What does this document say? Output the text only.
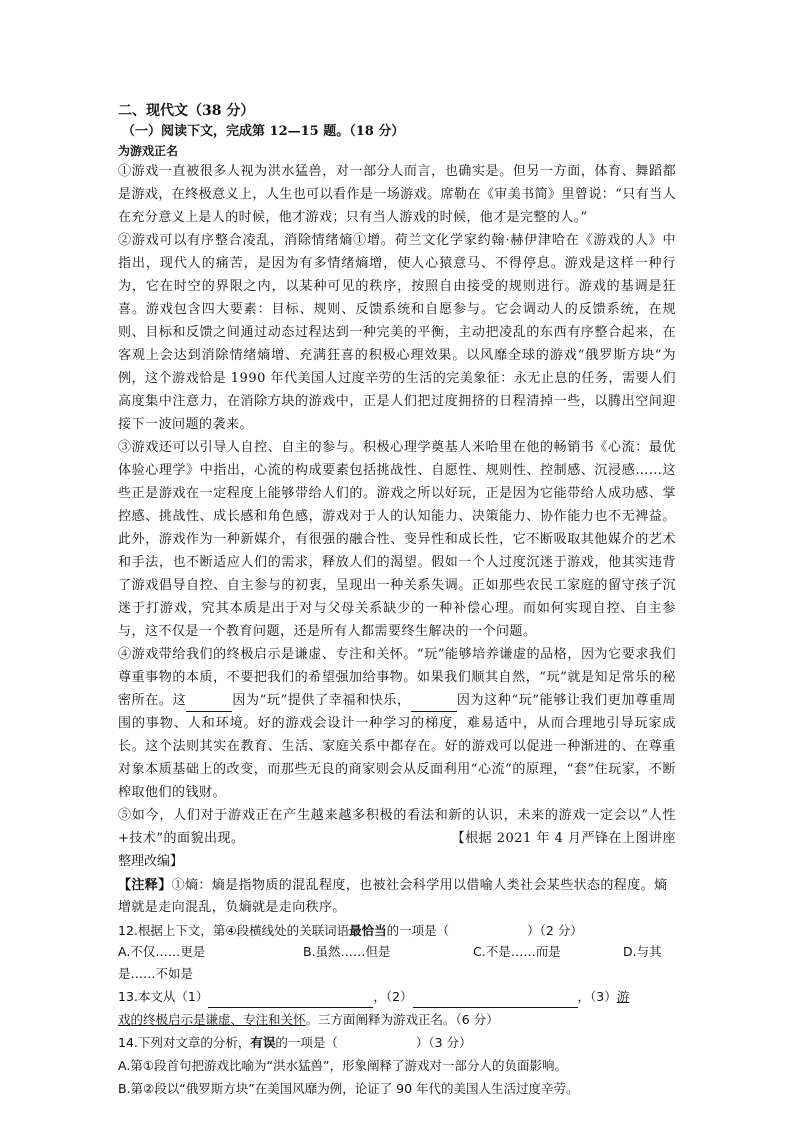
二、现代文（38 分）
（一）阅读下文，完成第 12—15 题。（18 分）
为游戏正名

①游戏一直被很多人视为洪水猛兽，对一部分人而言，也确实是。但另一方面，体育、舞蹈都是游戏，在终极意义上，人生也可以看作是一场游戏。席勒在《审美书简》里曾说：“只有当人在充分意义上是人的时候，他才游戏；只有当人游戏的时候，他才是完整的人。”

②游戏可以有序整合凌乱，消除情绪熵①增。荷兰文化学家约翰·赫伊津哈在《游戏的人》中指出，现代人的痛苦，是因为有多情绪熵增，使人心猿意马、不得停息。游戏是这样一种行为，它在时空的界限之内，以某种可见的秩序，按照自由接受的规则进行。游戏的基调是狂喜。游戏包含四大要素：目标、规则、反馈系统和自愿参与。它会调动人的反馈系统，在规则、目标和反馈之间通过动态过程达到一种完美的平衡，主动把凌乱的东西有序整合起来，在客观上会达到消除情绪熵增、充满狂喜的积极心理效果。以风靡全球的游戏“俄罗斯方块”为例，这个游戏恰是 1990 年代美国人过度辛劳的生活的完美象征：永无止息的任务，需要人们高度集中注意力，在消除方块的游戏中，正是人们把过度拥挤的日程清掉一些，以腾出空间迎接下一波问题的袭来。

③游戏还可以引导人自控、自主的参与。积极心理学奠基人米哈里在他的畅销书《心流：最优体验心理学》中指出，心流的构成要素包括挑战性、自愿性、规则性、控制感、沉浸感……这些正是游戏在一定程度上能够带给人们的。游戏之所以好玩，正是因为它能带给人成功感、掌控感、挑战性、成长感和角色感，游戏对于人的认知能力、决策能力、协作能力也不无裨益。此外，游戏作为一种新媒介，有很强的融合性、变异性和成长性，它不断吸取其他媒介的艺术和手法，也不断适应人们的需求，释放人们的渴望。假如一个人过度沉迷于游戏，他其实违背了游戏倡导自控、自主参与的初衷，呈现出一种关系失调。正如那些农民工家庭的留守孩子沉迷于打游戏，究其本质是出于对与父母关系缺少的一种补偿心理。而如何实现自控、自主参与，这不仅是一个教育问题，还是所有人都需要终生解决的一个问题。

④游戏带给我们的终极启示是谦虚、专注和关怀。“玩”能够培养谦虚的品格，因为它要求我们尊重事物的本质，不要把我们的希望强加给事物。如果我们顺其自然，“玩”就是知足常乐的秘密所在。这	因为“玩”提供了幸福和快乐，	因为这种“玩”能够让我们更加尊重周围的事物、人和环境。好的游戏会设计一种学习的梯度，难易适中，从而合理地引导玩家成长。这个法则其实在教育、生活、家庭关系中都存在。好的游戏可以促进一种渐进的、在尊重对象本质基础上的改变，而那些无良的商家则会从反面利用“心流”的原理，“套”住玩家，不断榨取他们的钱财。

⑤如今，人们对于游戏正在产生越来越多积极的看法和新的认识，未来的游戏一定会以“人性+技术”的面貌出现。	【根据 2021 年 4 月严锋在上图讲座

整理改编】

【注释】①熵：熵是指物质的混乱程度，也被社会科学用以借喻人类社会某些状态的程度。熵增就是走向混乱，负熵就是走向秩序。

12.根据上下文，第④段横线处的关联词语最恰当的一项是（	）（2 分）

A.不仅……更是	B.虽然……但是	C.不是……而是	D.与其
是……不如是

13.本文从（1）	，（2）	，（3）游

戏的终极启示是谦虚、专注和关怀。三方面阐释为游戏正名。（6 分）

14.下列对文章的分析，有误的一项是（	）（3 分）

A.第①段首句把游戏比喻为“洪水猛兽”，形象阐释了游戏对一部分人的负面影响。

B.第②段以“俄罗斯方块”在美国风靡为例，论证了 90 年代的美国人生活过度辛劳。
